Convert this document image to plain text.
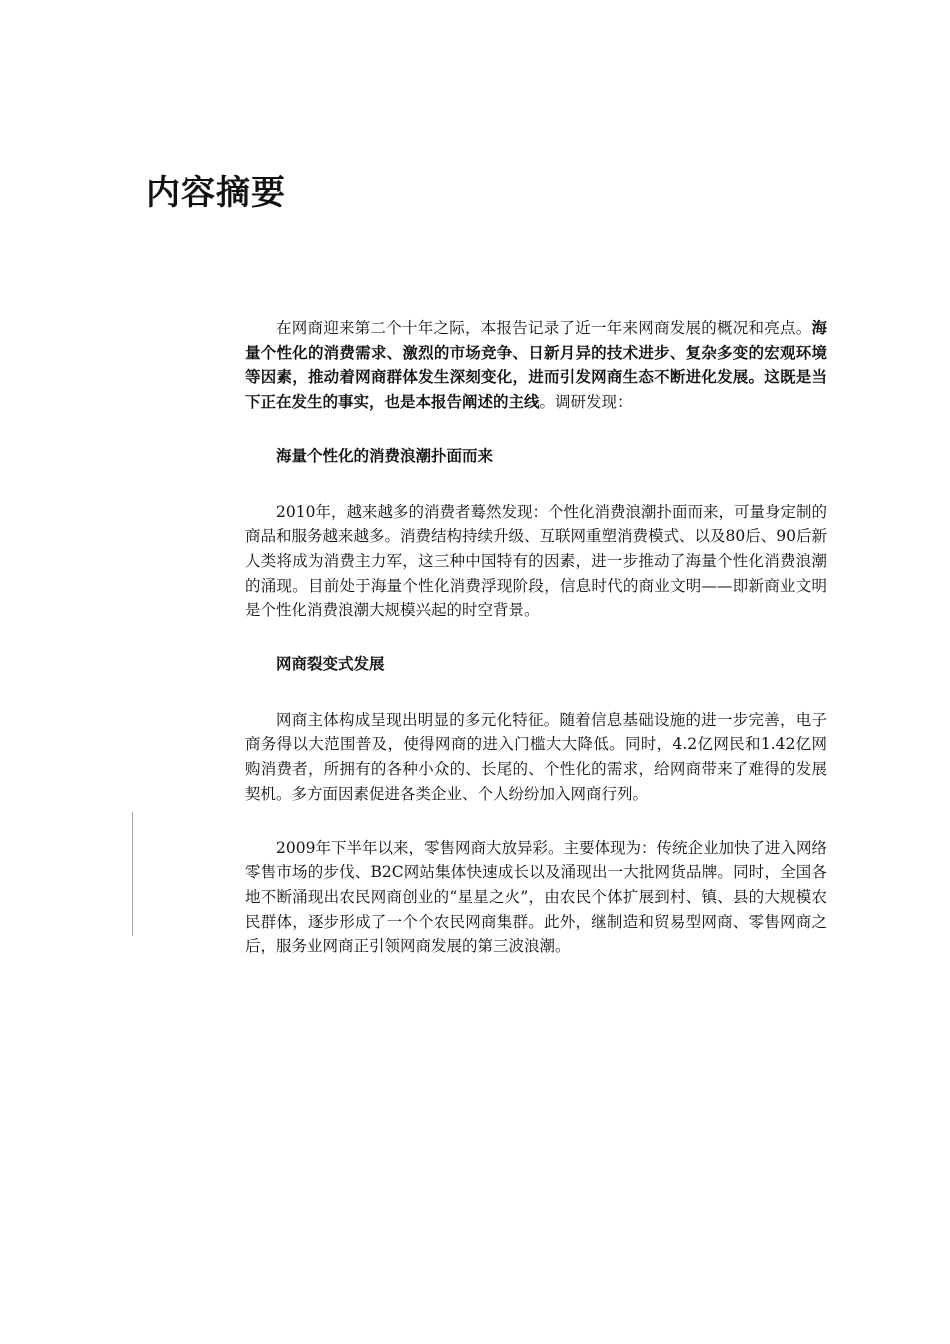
内容摘要

在网商迎来第二个十年之际，本报告记录了近一年来网商发展的概况和亮点。海量个性化的消费需求、激烈的市场竞争、日新月异的技术进步、复杂多变的宏观环境等因素，推动着网商群体发生深刻变化，进而引发网商生态不断进化发展。这既是当下正在发生的事实，也是本报告阐述的主线。调研发现：

海量个性化的消费浪潮扑面而来

2010年，越来越多的消费者蓦然发现：个性化消费浪潮扑面而来，可量身定制的商品和服务越来越多。消费结构持续升级、互联网重塑消费模式、以及80后、90后新人类将成为消费主力军，这三种中国特有的因素，进一步推动了海量个性化消费浪潮的涌现。目前处于海量个性化消费浮现阶段，信息时代的商业文明——即新商业文明是个性化消费浪潮大规模兴起的时空背景。

网商裂变式发展

网商主体构成呈现出明显的多元化特征。随着信息基础设施的进一步完善，电子商务得以大范围普及，使得网商的进入门槛大大降低。同时，4.2亿网民和1.42亿网购消费者，所拥有的各种小众的、长尾的、个性化的需求，给网商带来了难得的发展契机。多方面因素促进各类企业、个人纷纷加入网商行列。

2009年下半年以来，零售网商大放异彩。主要体现为：传统企业加快了进入网络零售市场的步伐、B2C网站集体快速成长以及涌现出一大批网货品牌。同时，全国各地不断涌现出农民网商创业的“星星之火”，由农民个体扩展到村、镇、县的大规模农民群体，逐步形成了一个个农民网商集群。此外，继制造和贸易型网商、零售网商之后，服务业网商正引领网商发展的第三波浪潮。
